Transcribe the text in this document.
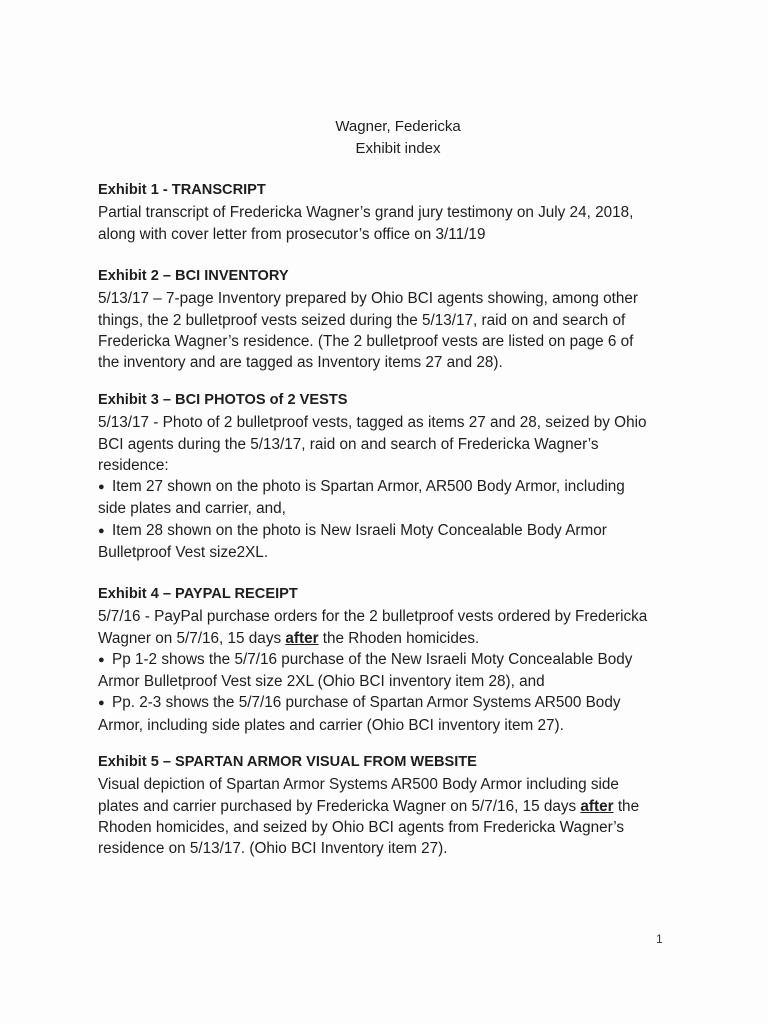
Wagner, Federicka
Exhibit index
Exhibit 1 - TRANSCRIPT
Partial transcript of Fredericka Wagner’s grand jury testimony on July 24, 2018,
along with cover letter from prosecutor’s office on 3/11/19
Exhibit 2 – BCI INVENTORY
5/13/17 – 7-page Inventory prepared by Ohio BCI agents showing, among other
things, the 2 bulletproof vests seized during the 5/13/17, raid on and search of
Fredericka Wagner’s residence. (The 2 bulletproof vests are listed on page 6 of
the inventory and are tagged as Inventory items 27 and 28).
Exhibit 3 – BCI PHOTOS of 2 VESTS
5/13/17 - Photo of 2 bulletproof vests, tagged as items 27 and 28, seized by Ohio
BCI agents during the 5/13/17, raid on and search of Fredericka Wagner’s
residence:
● Item 27 shown on the photo is Spartan Armor, AR500 Body Armor, including
side plates and carrier, and,
● Item 28 shown on the photo is New Israeli Moty Concealable Body Armor
Bulletproof Vest size2XL.
Exhibit 4 – PAYPAL RECEIPT
5/7/16 - PayPal purchase orders for the 2 bulletproof vests ordered by Fredericka
Wagner on 5/7/16, 15 days after the Rhoden homicides.
● Pp 1-2 shows the 5/7/16 purchase of the New Israeli Moty Concealable Body
Armor Bulletproof Vest size 2XL (Ohio BCI inventory item 28), and
● Pp. 2-3 shows the 5/7/16 purchase of Spartan Armor Systems AR500 Body
Armor, including side plates and carrier (Ohio BCI inventory item 27).
Exhibit 5 – SPARTAN ARMOR VISUAL FROM WEBSITE
Visual depiction of Spartan Armor Systems AR500 Body Armor including side
plates and carrier purchased by Fredericka Wagner on 5/7/16, 15 days after the
Rhoden homicides, and seized by Ohio BCI agents from Fredericka Wagner’s
residence on 5/13/17. (Ohio BCI Inventory item 27).
1
